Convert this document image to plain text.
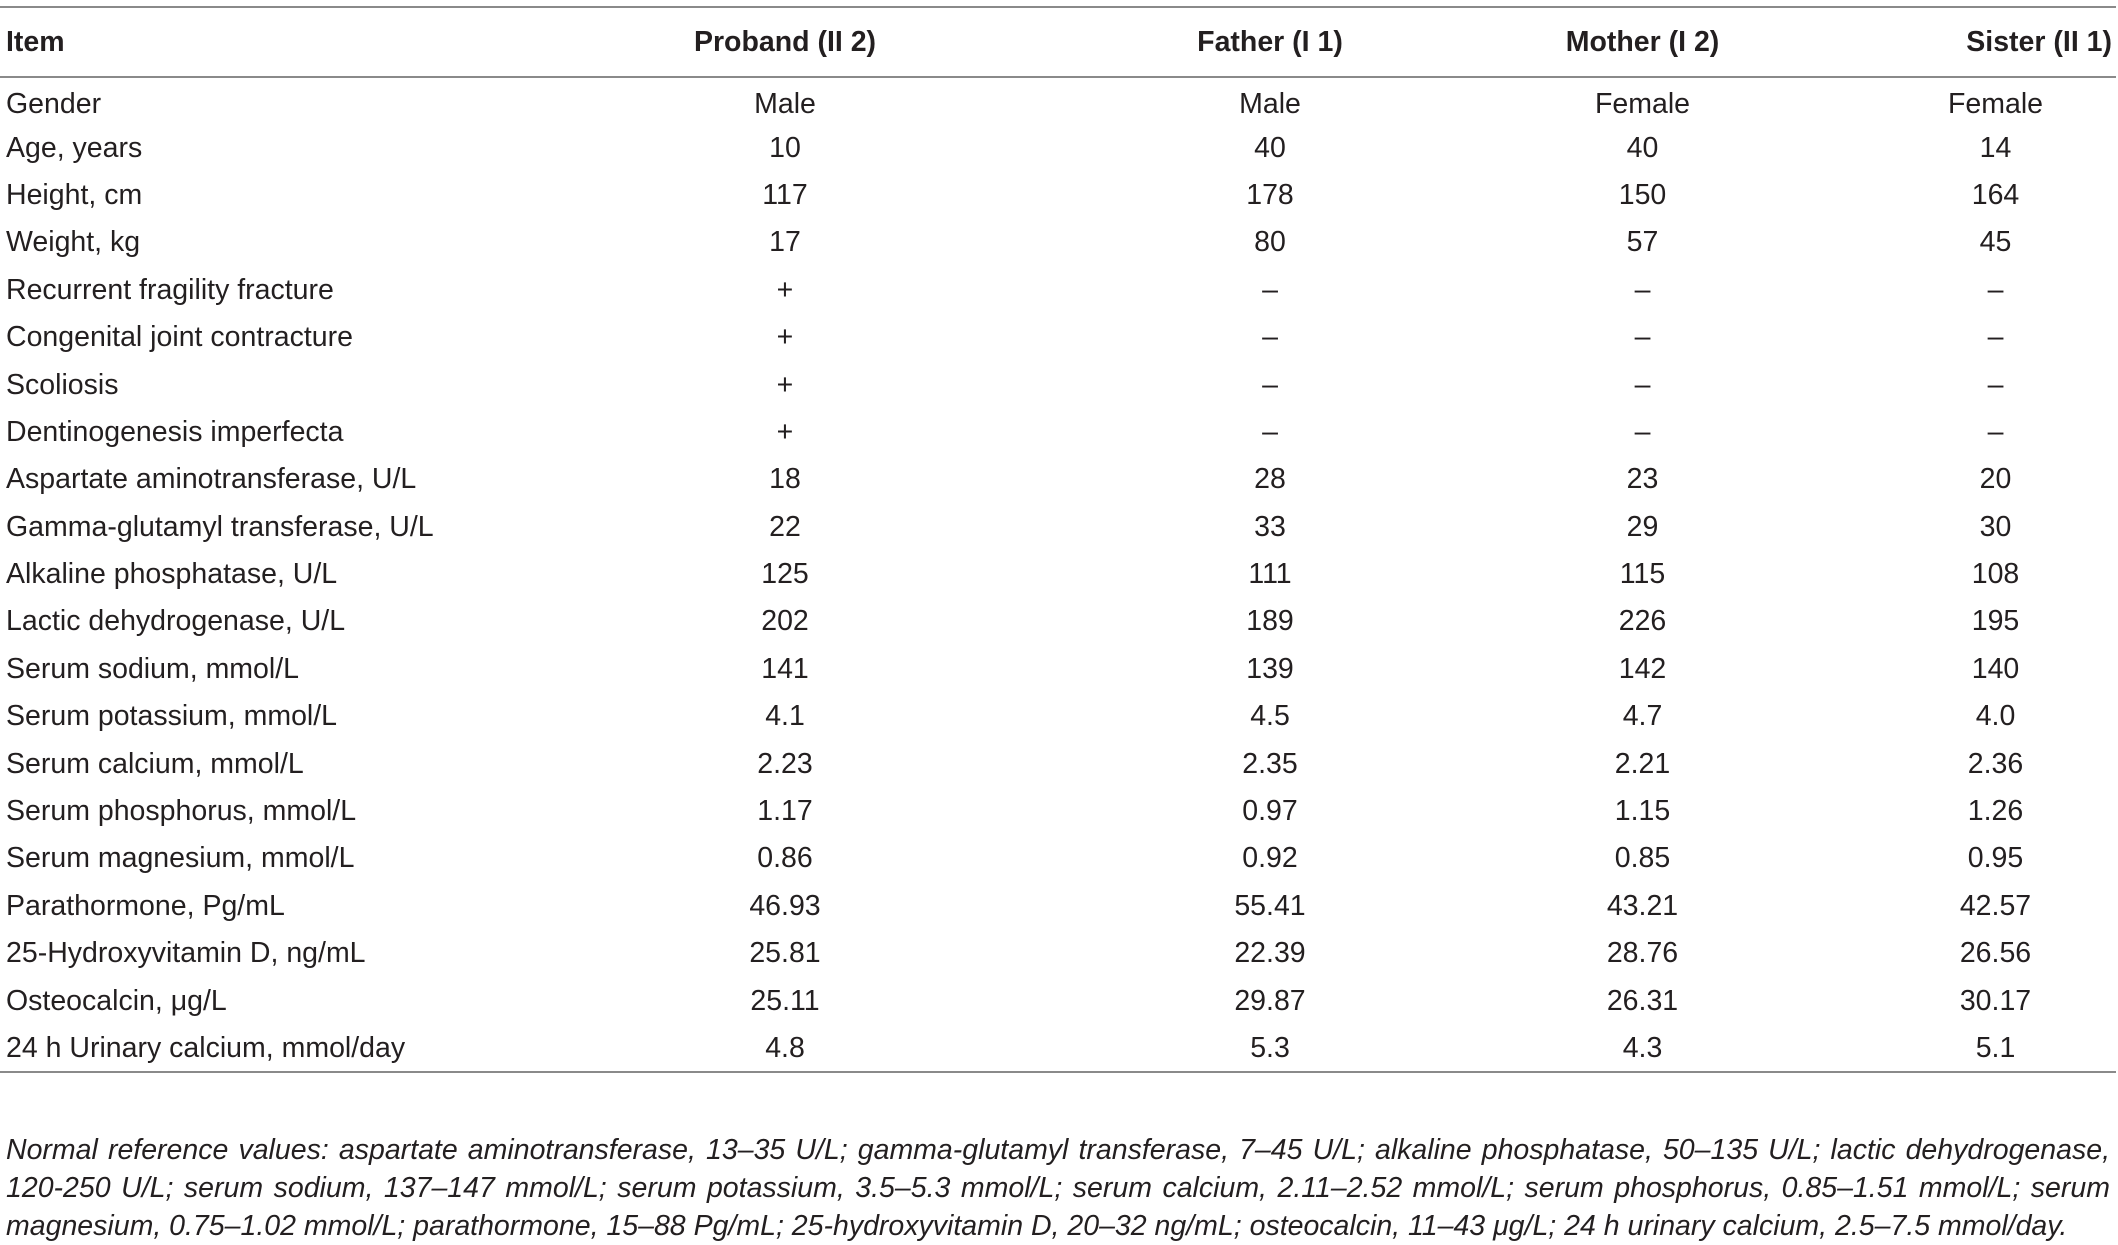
Item	Proband (II 2)	Father (I 1)	Mother (I 2)	Sister (II 1)
Gender	Male	Male	Female	Female
Age, years	10	40	40	14
Height, cm	117	178	150	164
Weight, kg	17	80	57	45
Recurrent fragility fracture	+	–	–	–
Congenital joint contracture	+	–	–	–
Scoliosis	+	–	–	–
Dentinogenesis imperfecta	+	–	–	–
Aspartate aminotransferase, U/L	18	28	23	20
Gamma-glutamyl transferase, U/L	22	33	29	30
Alkaline phosphatase, U/L	125	111	115	108
Lactic dehydrogenase, U/L	202	189	226	195
Serum sodium, mmol/L	141	139	142	140
Serum potassium, mmol/L	4.1	4.5	4.7	4.0
Serum calcium, mmol/L	2.23	2.35	2.21	2.36
Serum phosphorus, mmol/L	1.17	0.97	1.15	1.26
Serum magnesium, mmol/L	0.86	0.92	0.85	0.95
Parathormone, Pg/mL	46.93	55.41	43.21	42.57
25-Hydroxyvitamin D, ng/mL	25.81	22.39	28.76	26.56
Osteocalcin, μg/L	25.11	29.87	26.31	30.17
24 h Urinary calcium, mmol/day	4.8	5.3	4.3	5.1

Normal reference values: aspartate aminotransferase, 13–35 U/L; gamma-glutamyl transferase, 7–45 U/L; alkaline phosphatase, 50–135 U/L; lactic dehydrogenase, 120-250 U/L; serum sodium, 137–147 mmol/L; serum potassium, 3.5–5.3 mmol/L; serum calcium, 2.11–2.52 mmol/L; serum phosphorus, 0.85–1.51 mmol/L; serum magnesium, 0.75–1.02 mmol/L; parathormone, 15–88 Pg/mL; 25-hydroxyvitamin D, 20–32 ng/mL; osteocalcin, 11–43 μg/L; 24 h urinary calcium, 2.5–7.5 mmol/day.
